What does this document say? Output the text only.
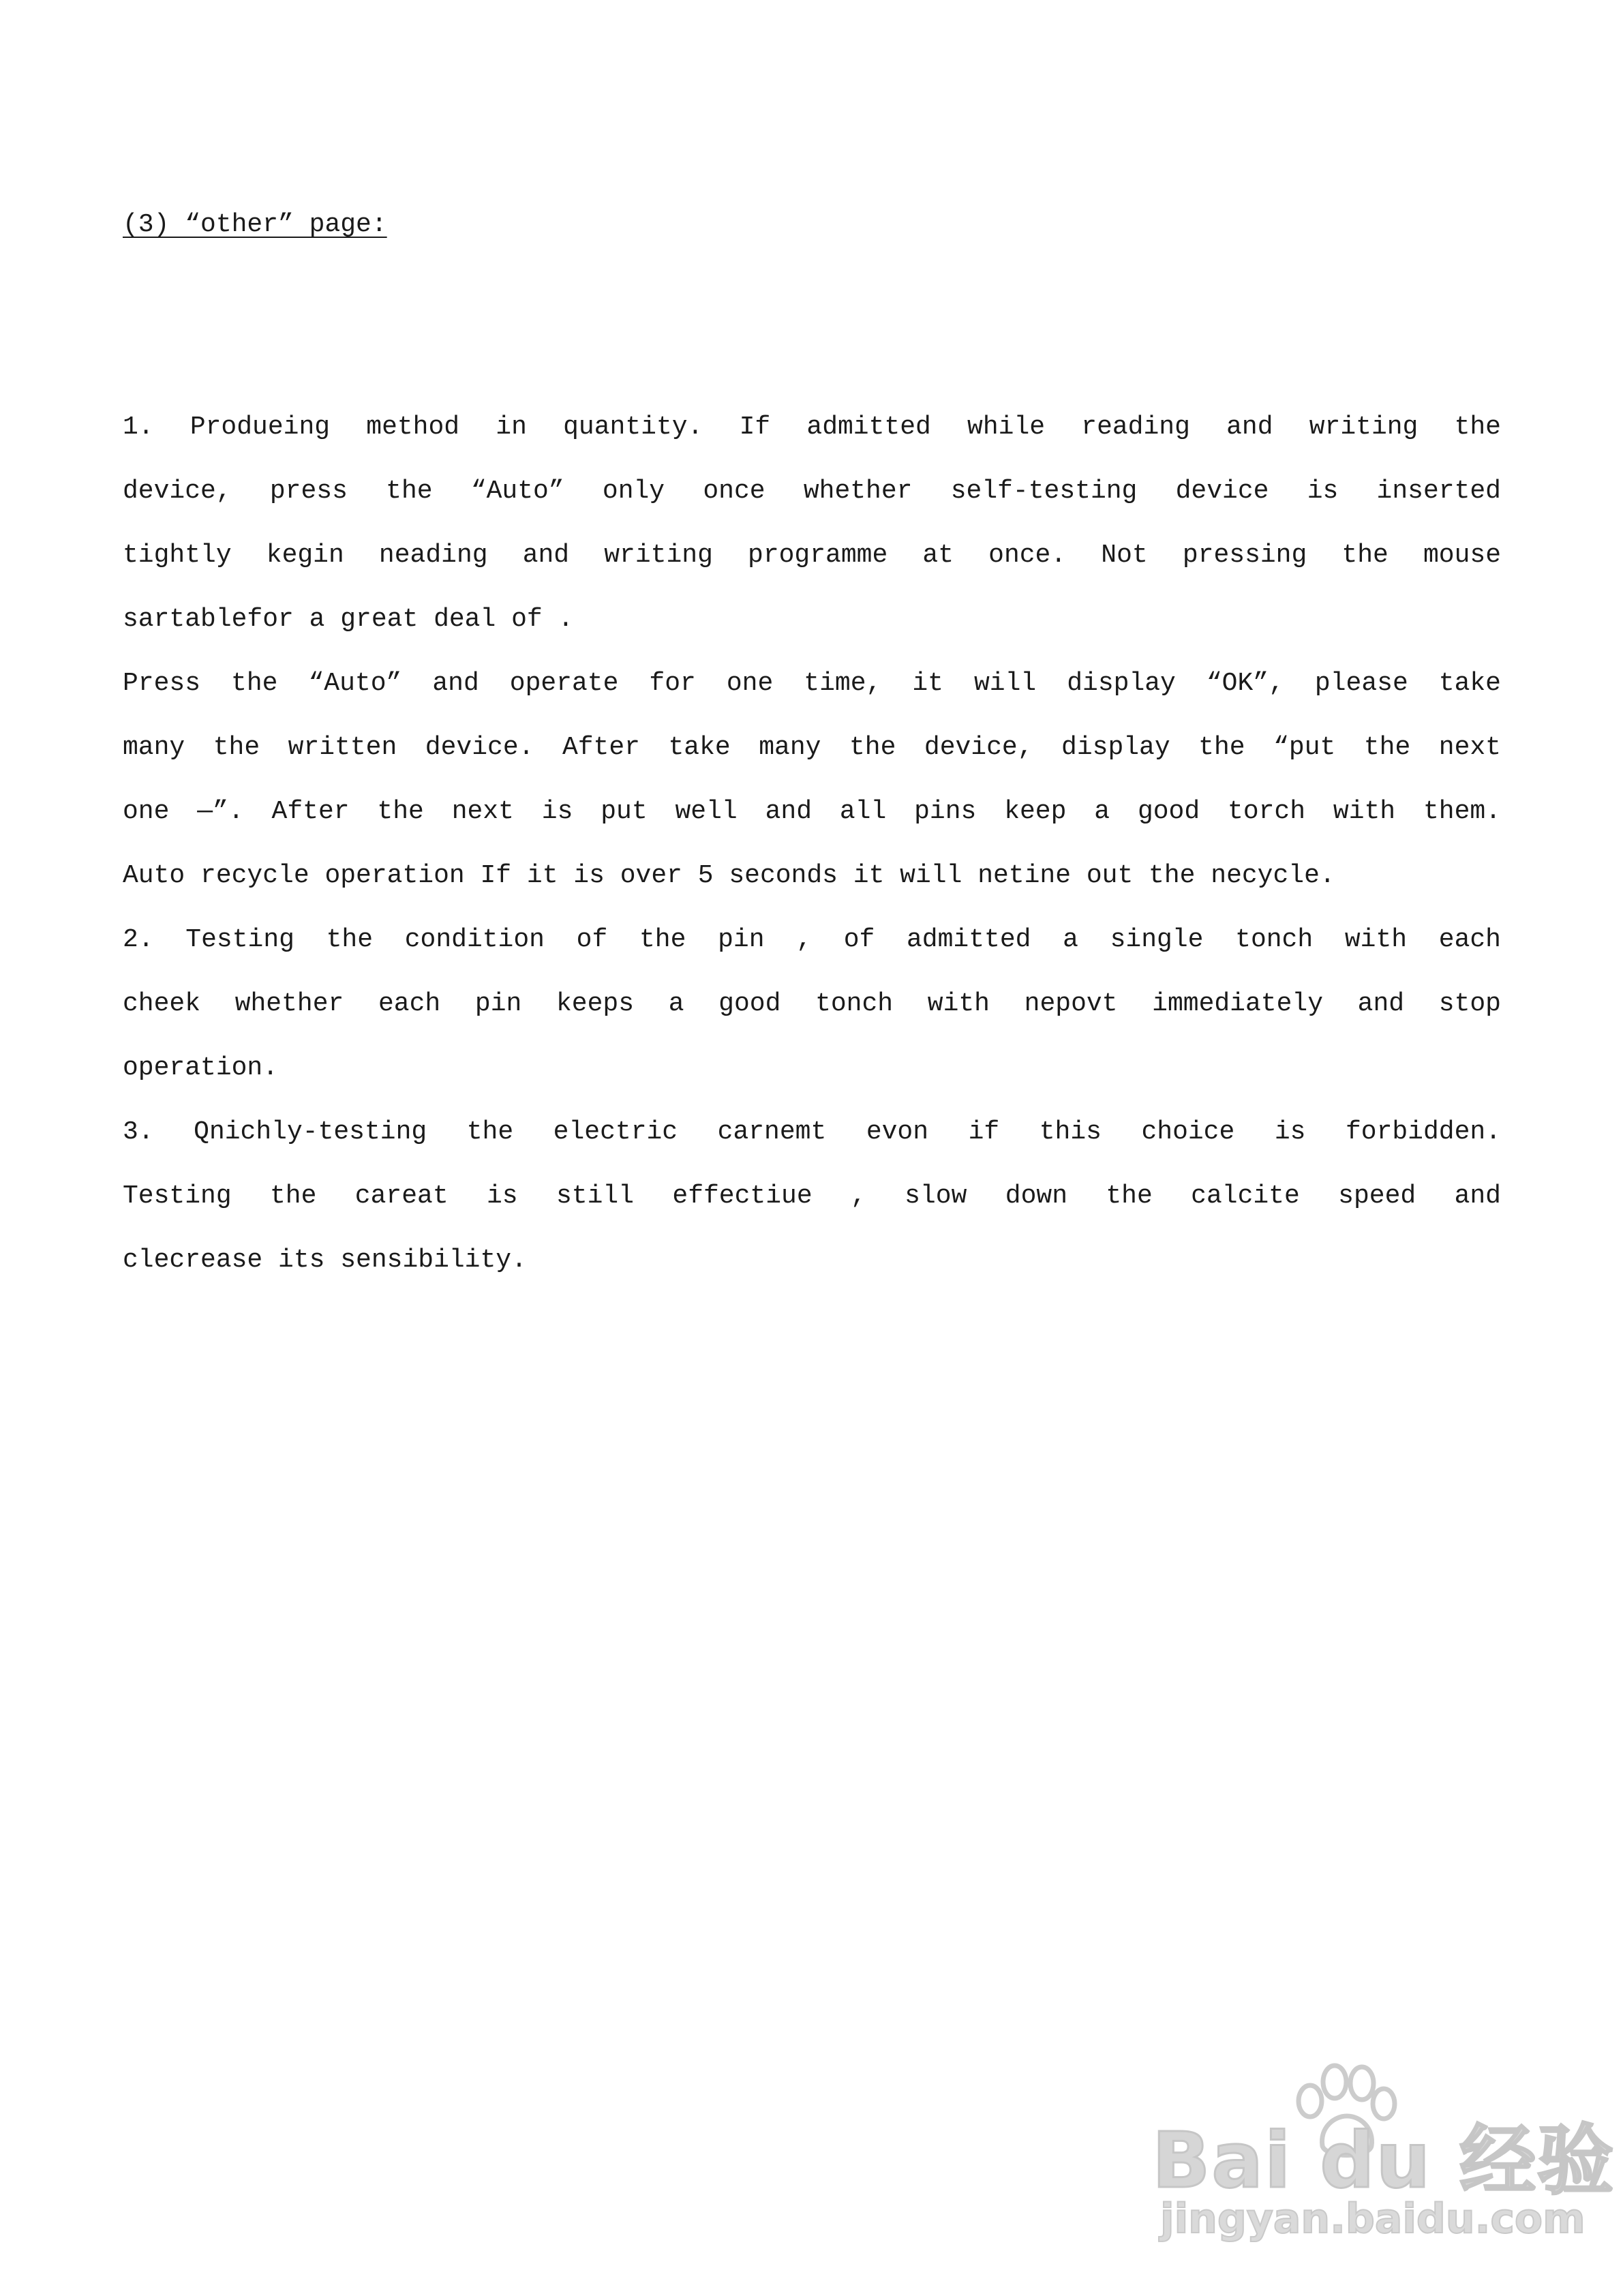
(3) “other” page:
1. Produeing method in quantity. If admitted while reading and writing the
device, press the “Auto” only once whether self-testing device is inserted
tightly kegin neading and writing programme at once. Not pressing the mouse
sartablefor a great deal of .
Press the “Auto” and operate for one time, it will display “OK”, please take
many the written device. After take many the device, display the “put the next
one —”. After the next is put well and all pins keep a good torch with them.
Auto recycle operation If it is over 5 seconds it will netine out the necycle.
2. Testing the condition of the pin , of admitted a single tonch with each
cheek whether each pin keeps a good tonch with nepovt immediately and stop
operation.
3. Qnichly-testing the electric carnemt evon if this choice is forbidden.
Testing the careat is still effectiue , slow down the calcite speed and
clecrease its sensibility.
Bai du 经验
jingyan.baidu.com
